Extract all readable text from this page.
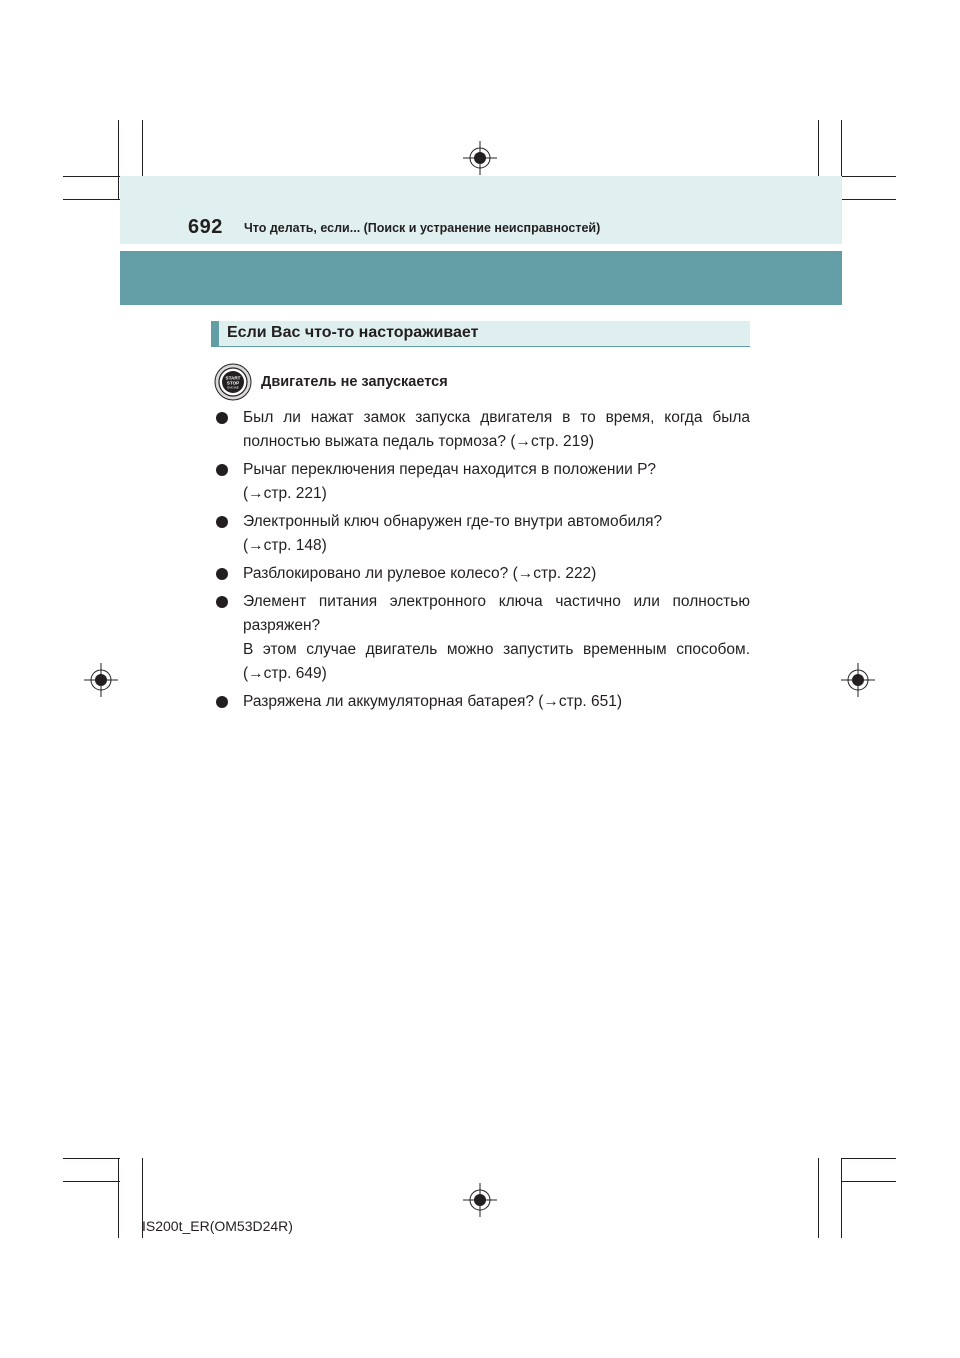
692 Что делать, если... (Поиск и устранение неисправностей)
Если Вас что-то настораживает
START
STOP
ENGINE Двигатель не запускается
Был ли нажат замок запуска двигателя в то время, когда была
полностью выжата педаль тормоза? (→стр. 219)
Рычаг переключения передач находится в положении P?
(→стр. 221)
Электронный ключ обнаружен где-то внутри автомобиля?
(→стр. 148)
Разблокировано ли рулевое колесо? (→стр. 222)
Элемент питания электронного ключа частично или полностью
разряжен?
В этом случае двигатель можно запустить временным способом.
(→стр. 649)
Разряжена ли аккумуляторная батарея? (→стр. 651)
IS200t_ER(OM53D24R)
